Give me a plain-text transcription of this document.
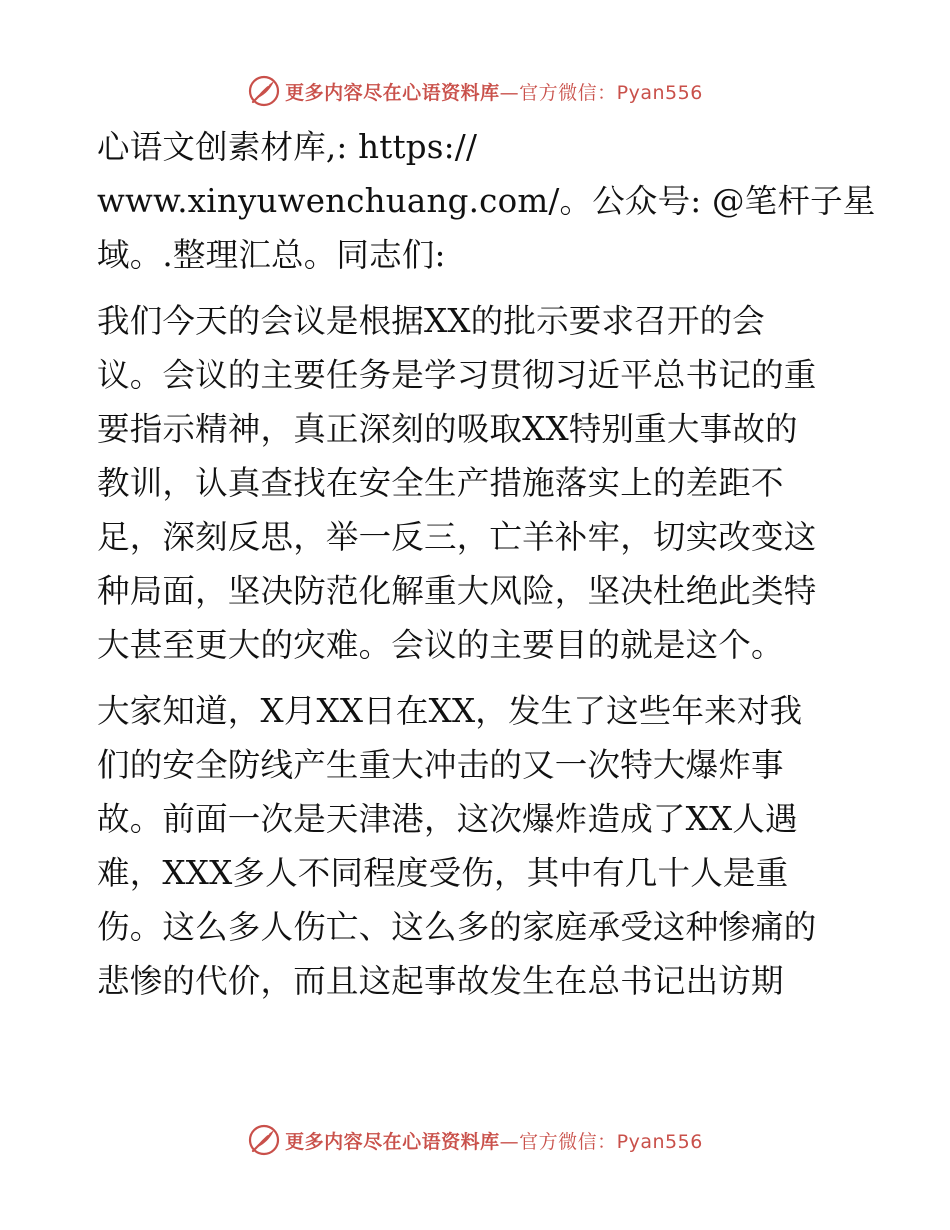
更多内容尽在心语资料库—官方微信：Pyan556
心语文创素材库,: https://
www.xinyuwenchuang.com/。公众号: @笔杆子星
域。.整理汇总。同志们:
我们今天的会议是根据XX的批示要求召开的会
议。会议的主要任务是学习贯彻习近平总书记的重
要指示精神，真正深刻的吸取XX特别重大事故的
教训，认真查找在安全生产措施落实上的差距不
足，深刻反思，举一反三，亡羊补牢，切实改变这
种局面，坚决防范化解重大风险，坚决杜绝此类特
大甚至更大的灾难。会议的主要目的就是这个。
大家知道，X月XX日在XX，发生了这些年来对我
们的安全防线产生重大冲击的又一次特大爆炸事
故。前面一次是天津港，这次爆炸造成了XX人遇
难，XXX多人不同程度受伤，其中有几十人是重
伤。这么多人伤亡、这么多的家庭承受这种惨痛的
悲惨的代价，而且这起事故发生在总书记出访期
更多内容尽在心语资料库—官方微信：Pyan556
